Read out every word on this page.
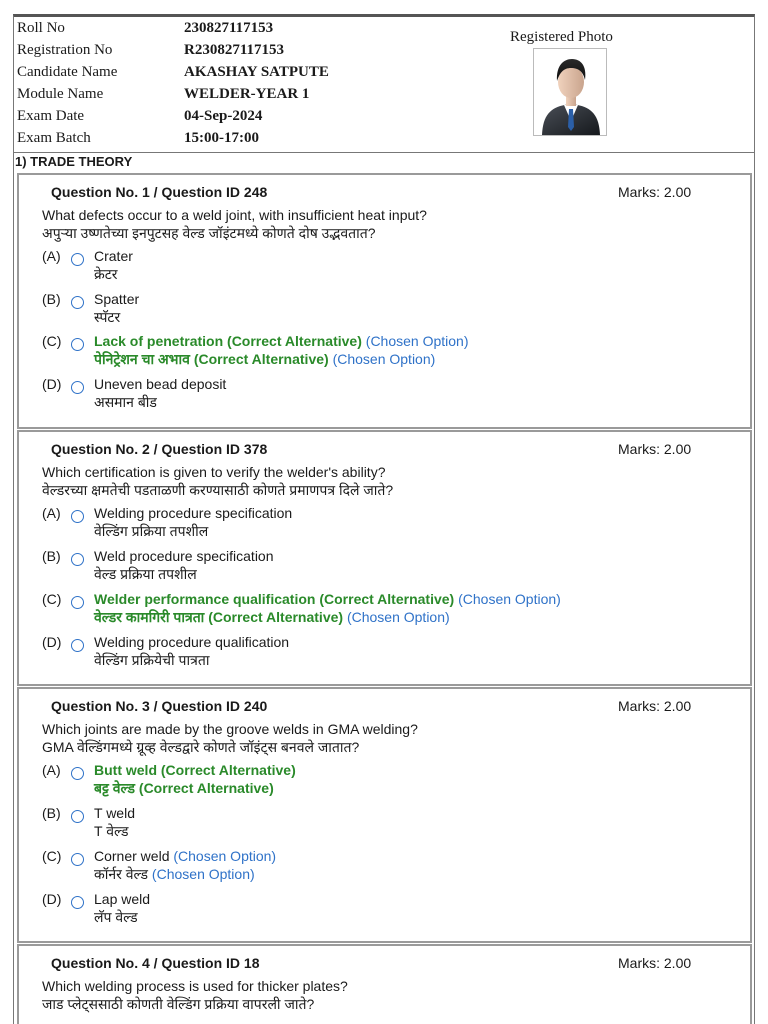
Roll No	230827117153
Registration No	R230827117153
Candidate Name	AKASHAY SATPUTE
Module Name	WELDER-YEAR 1
Exam Date	04-Sep-2024
Exam Batch	15:00-17:00
Registered Photo
1) TRADE THEORY
Question No. 1 / Question ID 248	Marks: 2.00
What defects occur to a weld joint, with insufficient heat input?
अपुऱ्या उष्णतेच्या इनपुटसह वेल्ड जॉइंटमध्ये कोणते दोष उद्भवतात?
(A) Crater
क्रेटर
(B) Spatter
स्पॅटर
(C) Lack of penetration (Correct Alternative) (Chosen Option)
पेनिट्रेशन चा अभाव (Correct Alternative) (Chosen Option)
(D) Uneven bead deposit
असमान बीड
Question No. 2 / Question ID 378	Marks: 2.00
Which certification is given to verify the welder's ability?
वेल्डरच्या क्षमतेची पडताळणी करण्यासाठी कोणते प्रमाणपत्र दिले जाते?
(A) Welding procedure specification
वेल्डिंग प्रक्रिया तपशील
(B) Weld procedure specification
वेल्ड प्रक्रिया तपशील
(C) Welder performance qualification (Correct Alternative) (Chosen Option)
वेल्डर कामगिरी पात्रता (Correct Alternative) (Chosen Option)
(D) Welding procedure qualification
वेल्डिंग प्रक्रियेची पात्रता
Question No. 3 / Question ID 240	Marks: 2.00
Which joints are made by the groove welds in GMA welding?
GMA वेल्डिंगमध्ये ग्रूव्ह वेल्डद्वारे कोणते जॉइंट्स बनवले जातात?
(A) Butt weld (Correct Alternative)
बट्ट वेल्ड (Correct Alternative)
(B) T weld
T वेल्ड
(C) Corner weld (Chosen Option)
कॉर्नर वेल्ड (Chosen Option)
(D) Lap weld
लॅप वेल्ड
Question No. 4 / Question ID 18	Marks: 2.00
Which welding process is used for thicker plates?
जाड प्लेट्ससाठी कोणती वेल्डिंग प्रक्रिया वापरली जाते?
